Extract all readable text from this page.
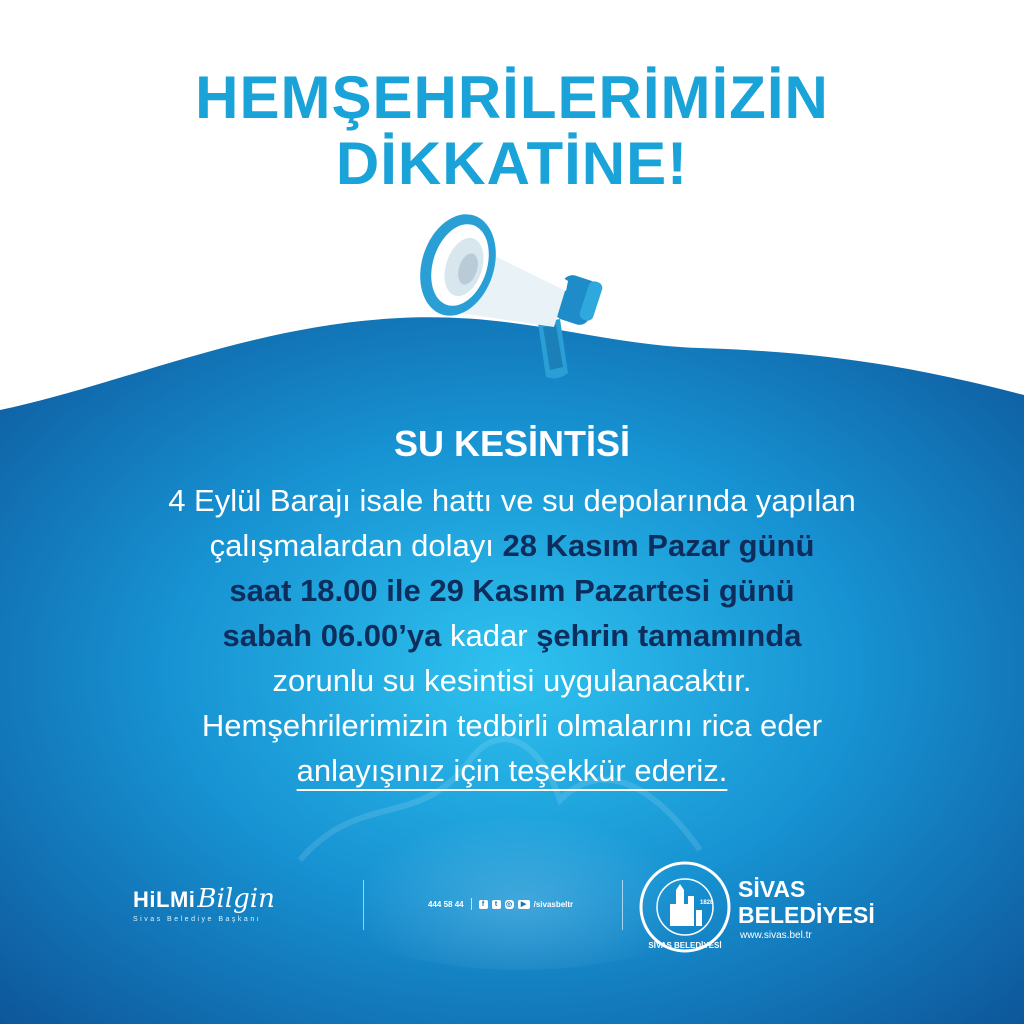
HEMŞEHRİLERİMİZİN
DİKKATİNE!
SU KESİNTİSİ
4 Eylül Barajı isale hattı ve su depolarında yapılan
çalışmalardan dolayı 28 Kasım Pazar günü
saat 18.00 ile 29 Kasım Pazartesi günü
sabah 06.00’ya kadar şehrin tamamında
zorunlu su kesintisi uygulanacaktır.
Hemşehrilerimizin tedbirli olmalarını rica eder
anlayışınız için teşekkür ederiz.
HiLMiBilgin
Sivas Belediye Başkanı
444 58 44	f	t	◎	▶ /sivasbeltr	1828
SİVAS BELEDİYESİ
SİVAS
BELEDİYESİ
www.sivas.bel.tr
